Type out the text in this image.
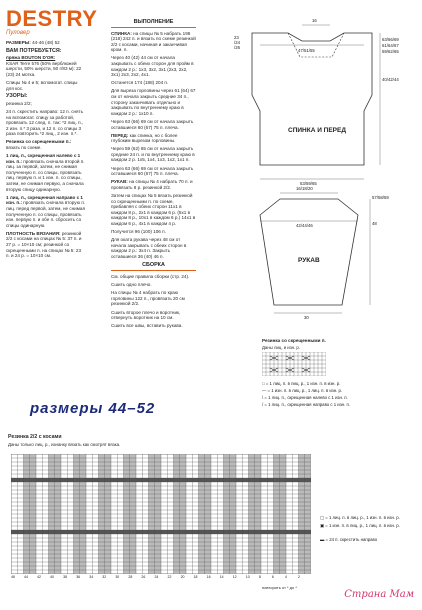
DESTRY
Пуловер

РАЗМЕРЫ: 44-46 (48) 52

ВАМ ПОТРЕБУЕТСЯ:

пряжа BOUTON D'OR:
KSAR Terre 576 (50% верблюжей шерсти, 50% шерсти, 50 г/83 м): 22 (23) 24 мотка.

Спицы № 4 и 5; вспомогат. спицы для кос.

УЗОРЫ:

резинка 2/2;

24 п. скрестить направо: 12 п. снять на вспомогат. спицу за работой, провязать 12 след. п. так: *2 лиц. п., 2 изн. п.* 3 раза, и 12 п. со спицы 3 раза повторить *2 лиц., 2 изн. п.*.

Резинка со скрещенными п.: вязать по схеме.

1 лиц. п., скрещенная налево с 1 изн. п.: провязать сначала второй п. лиц. за первой, затем, не снимая полученную п. со спицы, провязать лиц. первую п. и 1 изн. п. со спицы, затем, не снимая первую, а сначала вторую спицу одинарную.

1 лиц. п., скрещенная направо с 1 изн. п.: провязать сначала вторую п. лиц. перед первой, затем, не снимая полученную п. со спицы, провязать изн. первую п. и обе п. сбросить со спицы одинарную.

ПЛОТНОСТЬ ВЯЗАНИЯ: резинкой 2/2 с косами на спицах № 5: 37 п. и 27 р. = 10×10 см; резинкой со скрещенными п. на спицах № 5: 23 п. и 24 р. = 10×10 см.

ВЫПОЛНЕНИЕ

СПИНКА: на спицы № 5 набрать 196 (218) 242 п. и вязать по схеме резинкой 2/2 с косами, начиная и заканчивая кром. п.

Через 40 (42) 44 см от начала закрывать с обеих сторон для пройм в каждом 2 р.: 1х3, 3х2, 3х1 (2х3, 2х2, 3х1) 2х3, 2х2, 4х1.

Останется 174 (188) 204 п.

Для выреза горловины через 61 (64) 67 см от начала закрыть средние 34 п., сторону заканчивать отдельно и закрывать по внутреннему краю в каждом 2 р.: 1х10 п.

Через 63 (66) 69 см от начала закрыть оставшиеся 60 (67) 75 п. плеча.

ПЕРЕД: как спинка, но с более глубоким вырезом горловины.

Через 59 (62) 65 см от начала закрыть средние 24 п. и по внутреннему краю в каждом 2 р. 1х5, 1х4, 1х3, 1х2, 1х1 п.

Через 63 (66) 69 см от начала закрыть оставшиеся 60 (67) 75 п. плеча.

РУКАВ: на спицы № 4 набрать 70 п. и провязать 8 р. резинкой 2/2.

Затем на спицах № 5 вязать резинкой со скрещенными п. по схеме, прибавляя с обеих сторон 11х1 в каждом 8 р., 2х1 в каждом 6 р. (5х1 в каждом 8 р., 10х1 в каждом 6 р.) 14х1 в каждом 6 р., 4х1 в каждом 4 р.

Получится 96 (100) 106 п.

Для оката рукава через 48 см от начала закрывать с обеих сторон в каждом 2 р.: 3х4 п. Закрыть оставшиеся 36 (40) 46 п.

СБОРКА

См. общие правила сборки (стр. 24).

Сшить одно плечо.

На спицы № 4 набрать по краю горловины 122 п., провязать 20 см резинкой 2/2.

Сшить второе плечо и воротник, отвернуть воротник на 10 см.

Сшить все швы, вставить рукава.

16
23
/24
/26
47/51/55
63/66/69
61/64/67
59/62/65
40/42/44
СПИНКА И ПЕРЕД
53/59/65
16/18/20
42/44/46
57/58/59
48
РУКАВ
30
Резинка со скрещенными п.
Даны лиц. и изн. р.
□ = 1 лиц. п. в лиц. р., 1 изн. п. в изн. р.
— = 1 изн. п. в лиц. р., 1 лиц. п. в изн. р.
\ = 1 лиц. п., скрещенная налево с 1 изн. п.
/ = 1 лиц. п., скрещенная направо с 1 изн. п.
размеры 44–52
Резинка 2/2 с косами
Даны только лиц. р., изнанку вязать как смотрят вязка.
46	44	42	40	38	36	34	32	30	28	26	24	22	20	18	16	14	12	10	8	6	4	2
▢ = 1 лиц. п. в лиц. р., 1 изн. п. в изн. р.
▣ = 1 изн. п. в лиц. р., 1 лиц. п. в изн. р.
▬ = 24 п. скрестить направо
повторить от * до *
Страна Мам
